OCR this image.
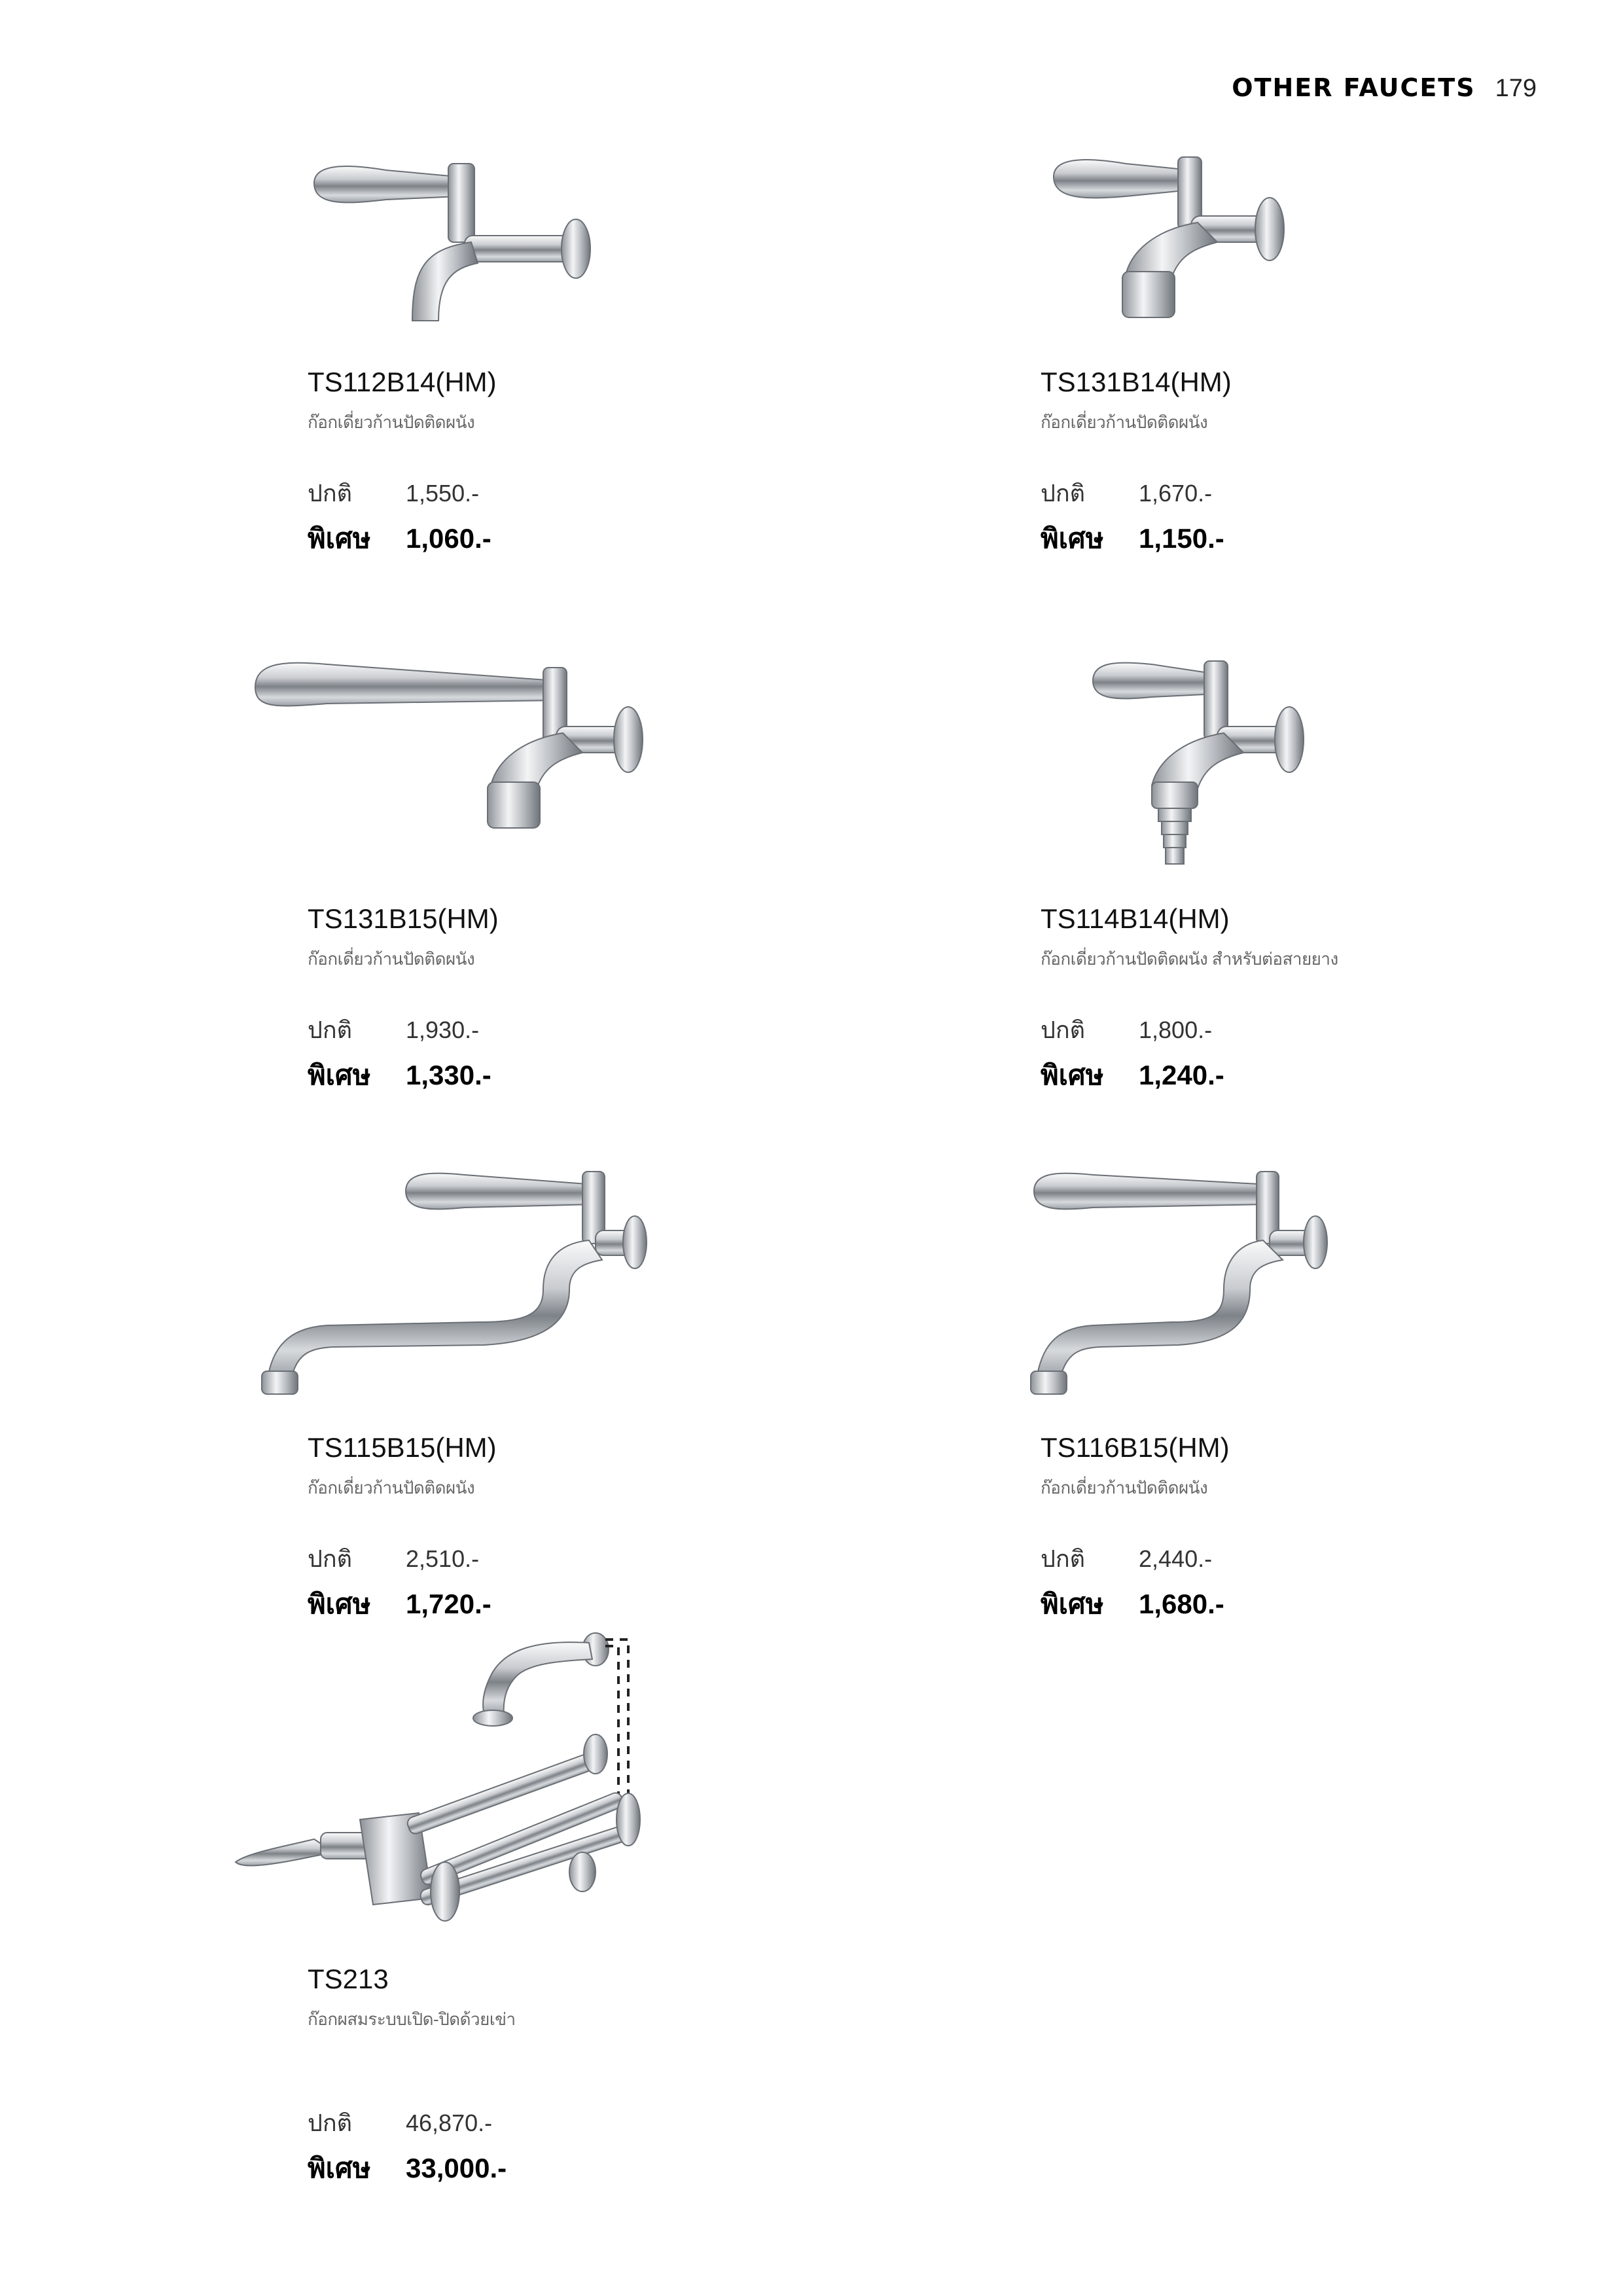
OTHER FAUCETS 179
TS112B14(HM)
ก๊อกเดี่ยวก้านปัดติดผนัง
ปกติ	1,550.-
พิเศษ	1,060.-
TS131B14(HM)
ก๊อกเดี่ยวก้านปัดติดผนัง
ปกติ	1,670.-
พิเศษ	1,150.-
TS131B15(HM)
ก๊อกเดี่ยวก้านปัดติดผนัง
ปกติ	1,930.-
พิเศษ	1,330.-
TS114B14(HM)
ก๊อกเดี่ยวก้านปัดติดผนัง สำหรับต่อสายยาง
ปกติ	1,800.-
พิเศษ	1,240.-
TS115B15(HM)
ก๊อกเดี่ยวก้านปัดติดผนัง
ปกติ	2,510.-
พิเศษ	1,720.-
TS116B15(HM)
ก๊อกเดี่ยวก้านปัดติดผนัง
ปกติ	2,440.-
พิเศษ	1,680.-
TS213
ก๊อกผสมระบบเปิด-ปิดด้วยเข่า
ปกติ	46,870.-
พิเศษ	33,000.-
